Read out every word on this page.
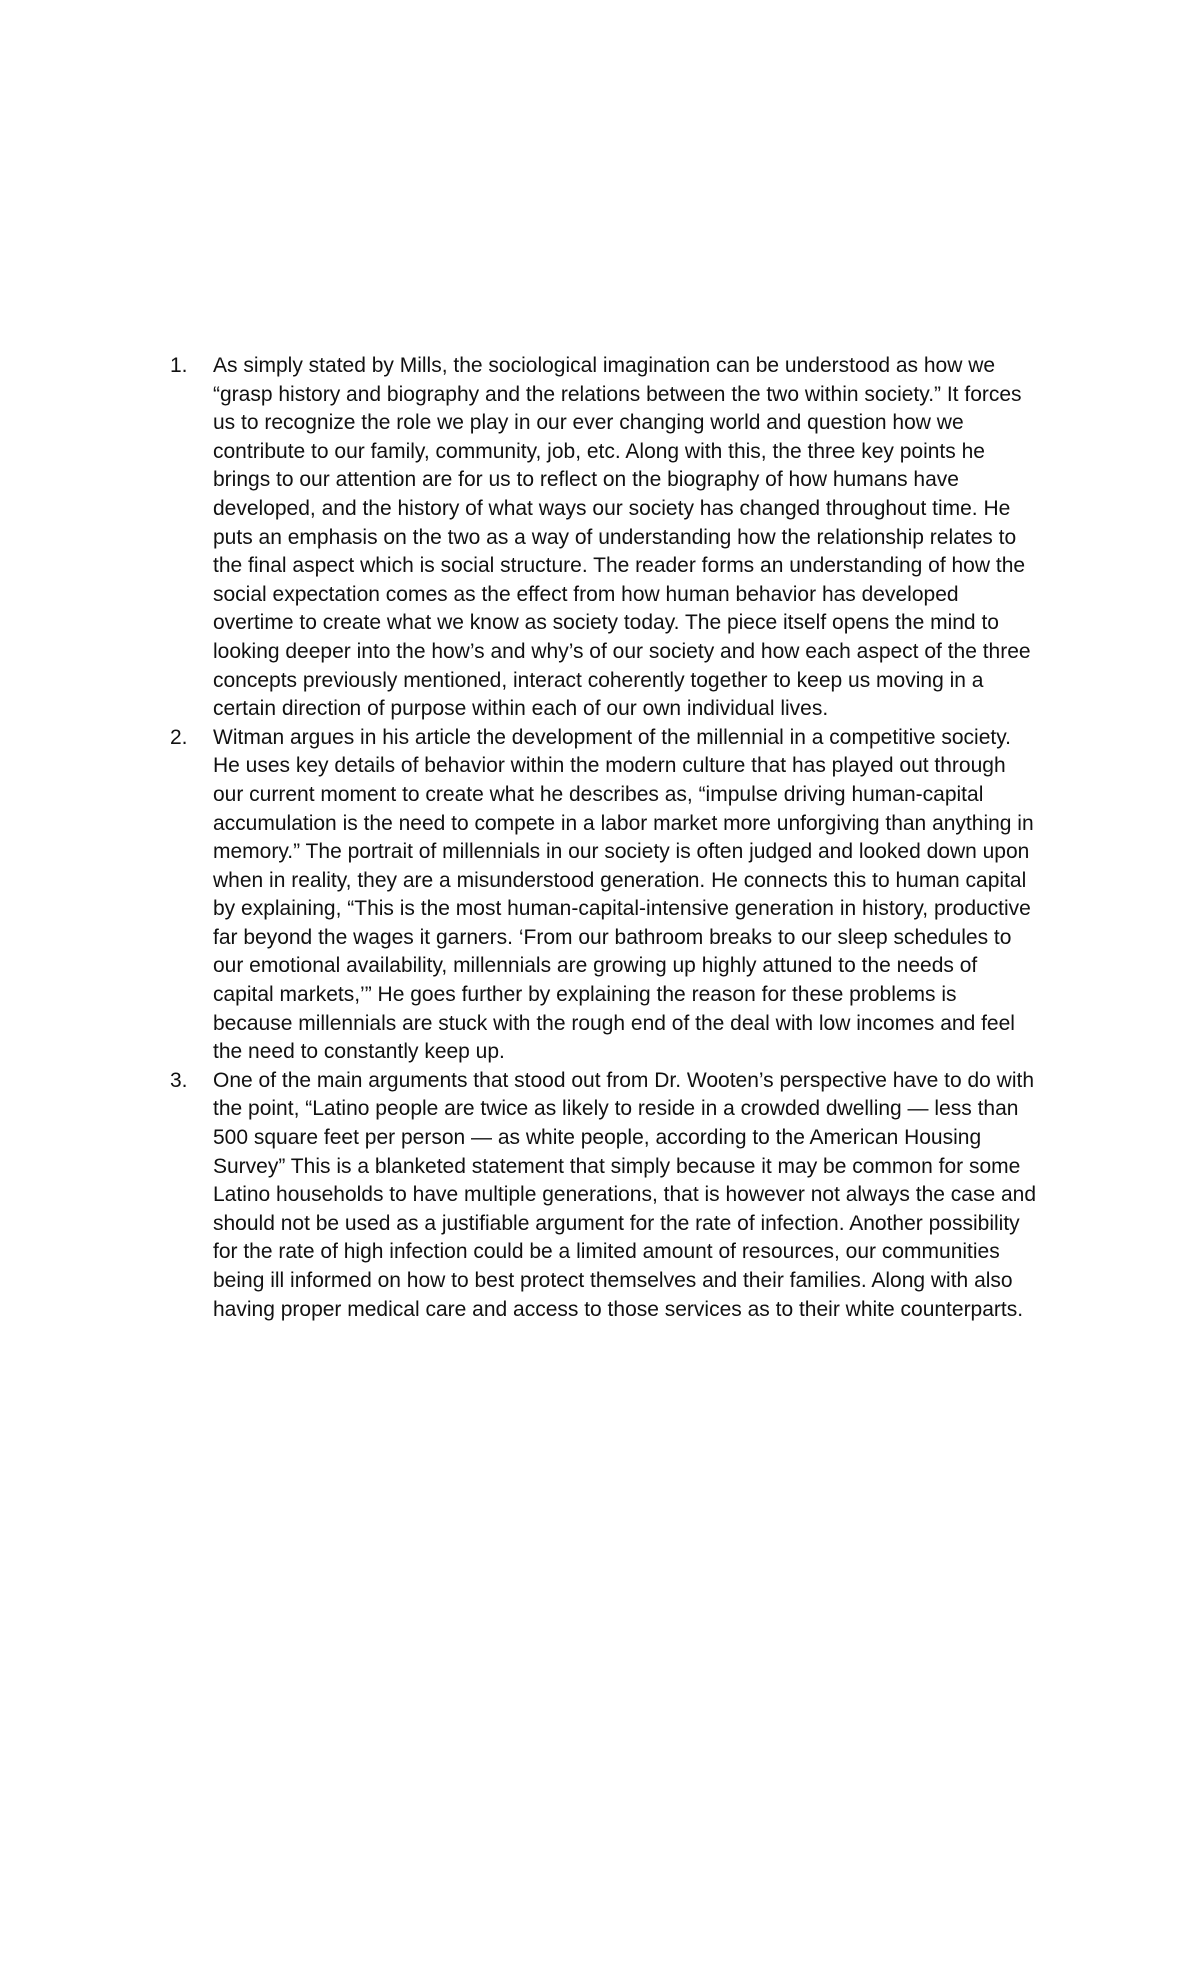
1.	As simply stated by Mills, the sociological imagination can be understood as how we
“grasp history and biography and the relations between the two within society.” It forces
us to recognize the role we play in our ever changing world and question how we
contribute to our family, community, job, etc. Along with this, the three key points he
brings to our attention are for us to reflect on the biography of how humans have
developed, and the history of what ways our society has changed throughout time. He
puts an emphasis on the two as a way of understanding how the relationship relates to
the final aspect which is social structure. The reader forms an understanding of how the
social expectation comes as the effect from how human behavior has developed
overtime to create what we know as society today. The piece itself opens the mind to
looking deeper into the how’s and why’s of our society and how each aspect of the three
concepts previously mentioned, interact coherently together to keep us moving in a
certain direction of purpose within each of our own individual lives.
2.	Witman argues in his article the development of the millennial in a competitive society.
He uses key details of behavior within the modern culture that has played out through
our current moment to create what he describes as, “impulse driving human-capital
accumulation is the need to compete in a labor market more unforgiving than anything in
memory.” The portrait of millennials in our society is often judged and looked down upon
when in reality, they are a misunderstood generation. He connects this to human capital
by explaining, “This is the most human-capital-intensive generation in history, productive
far beyond the wages it garners. ‘From our bathroom breaks to our sleep schedules to
our emotional availability, millennials are growing up highly attuned to the needs of
capital markets,’” He goes further by explaining the reason for these problems is
because millennials are stuck with the rough end of the deal with low incomes and feel
the need to constantly keep up.
3.	One of the main arguments that stood out from Dr. Wooten’s perspective have to do with
the point, “Latino people are twice as likely to reside in a crowded dwelling — less than
500 square feet per person — as white people, according to the American Housing
Survey” This is a blanketed statement that simply because it may be common for some
Latino households to have multiple generations, that is however not always the case and
should not be used as a justifiable argument for the rate of infection. Another possibility
for the rate of high infection could be a limited amount of resources, our communities
being ill informed on how to best protect themselves and their families. Along with also
having proper medical care and access to those services as to their white counterparts.
